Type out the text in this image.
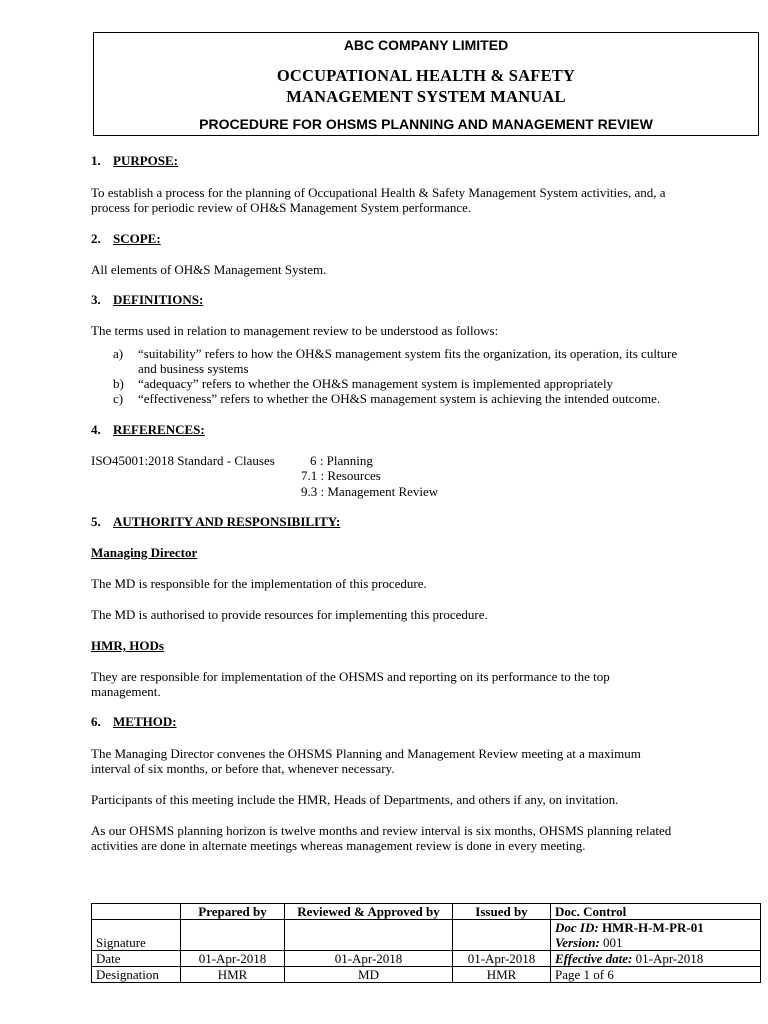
ABC COMPANY LIMITED
OCCUPATIONAL HEALTH & SAFETY
MANAGEMENT SYSTEM MANUAL
PROCEDURE FOR OHSMS PLANNING AND MANAGEMENT REVIEW
1. PURPOSE:
To establish a process for the planning of Occupational Health & Safety Management System activities, and, a
process for periodic review of OH&S Management System performance.
2. SCOPE:
All elements of OH&S Management System.
3. DEFINITIONS:
The terms used in relation to management review to be understood as follows:
a) “suitability” refers to how the OH&S management system fits the organization, its operation, its culture
and business systems
b) “adequacy” refers to whether the OH&S management system is implemented appropriately
c) “effectiveness” refers to whether the OH&S management system is achieving the intended outcome.
4. REFERENCES:
ISO45001:2018 Standard - Clauses	6 : Planning
7.1 : Resources
9.3 : Management Review
5. AUTHORITY AND RESPONSIBILITY:
Managing Director
The MD is responsible for the implementation of this procedure.
The MD is authorised to provide resources for implementing this procedure.
HMR, HODs
They are responsible for implementation of the OHSMS and reporting on its performance to the top
management.
6. METHOD:
The Managing Director convenes the OHSMS Planning and Management Review meeting at a maximum
interval of six months, or before that, whenever necessary.
Participants of this meeting include the HMR, Heads of Departments, and others if any, on invitation.
As our OHSMS planning horizon is twelve months and review interval is six months, OHSMS planning related
activities are done in alternate meetings whereas management review is done in every meeting.
	Prepared by	Reviewed & Approved by	Issued by	Doc. Control
Signature				Doc ID: HMR-H-M-PR-01
Version: 001

Date	01-Apr-2018	01-Apr-2018	01-Apr-2018	Effective date: 01-Apr-2018
Designation	HMR	MD	HMR	Page 1 of 6
